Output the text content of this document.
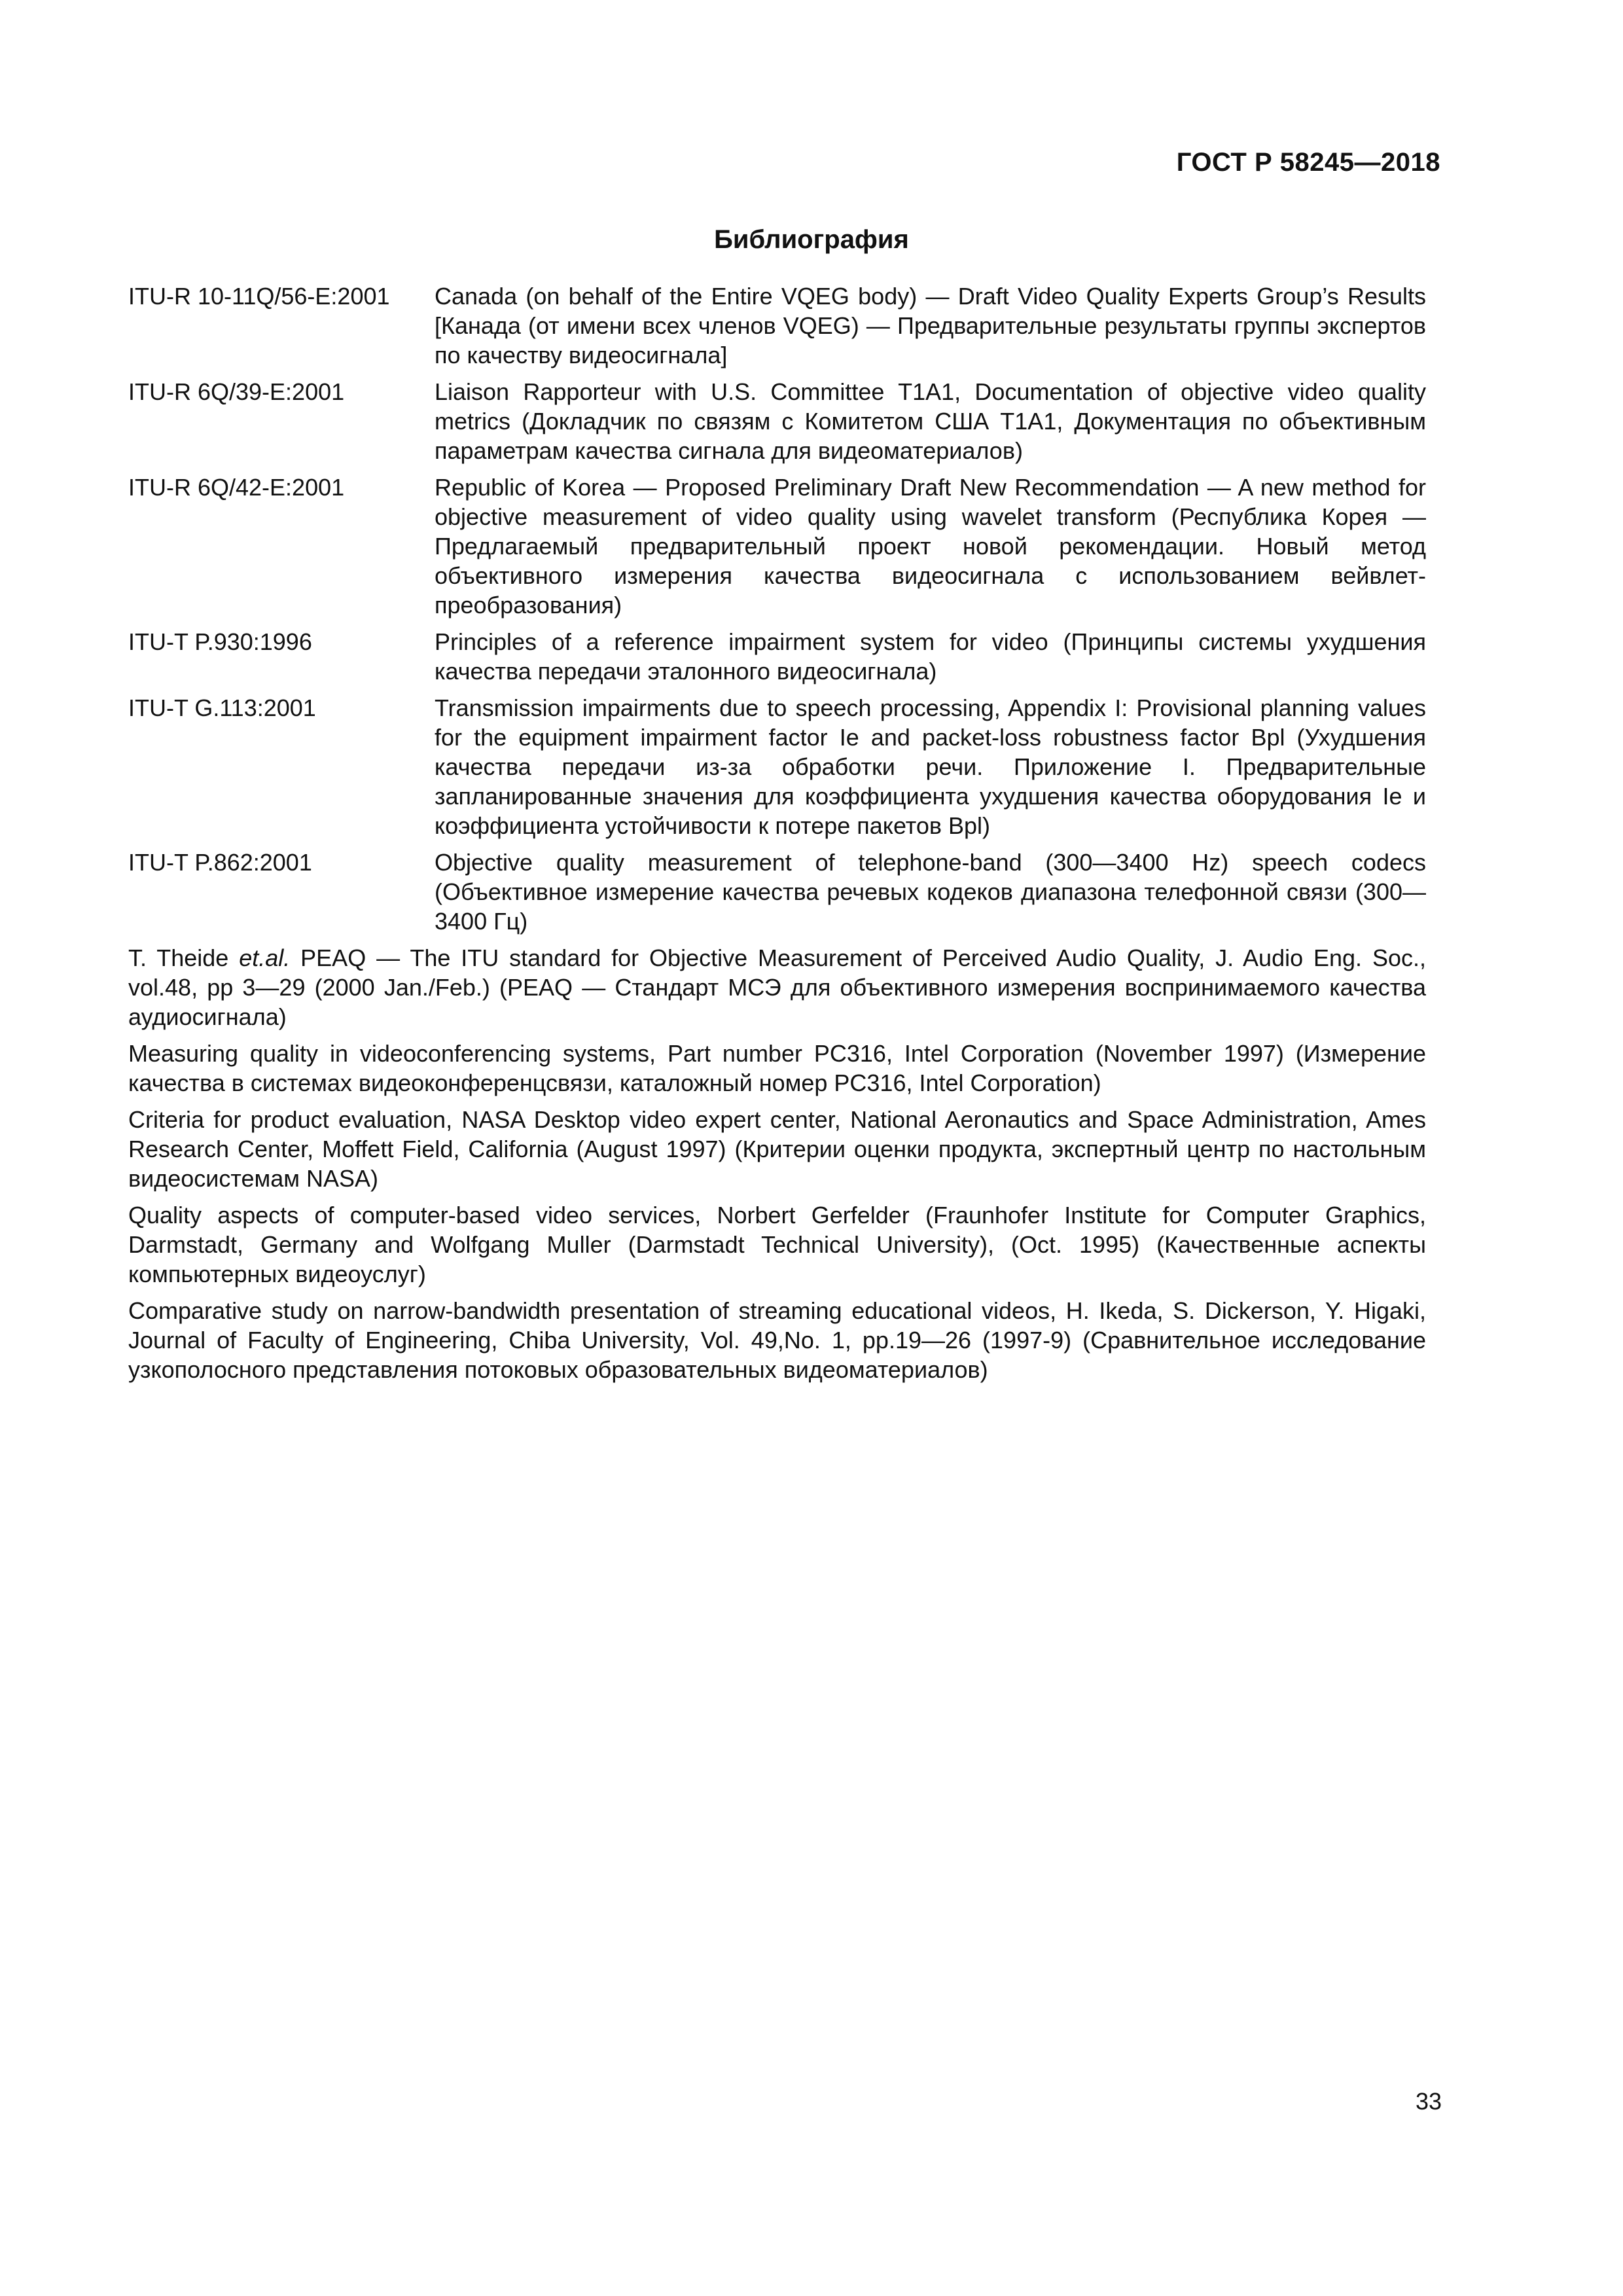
ГОСТ Р 58245—2018
Библиография
ITU-R 10-11Q/56-E:2001	Canada (on behalf of the Entire VQEG body) — Draft Video Quality Experts Group’s Results [Канада (от имени всех членов VQEG) — Предварительные результаты группы экспертов по качеству видеосигнала]
ITU-R 6Q/39-E:2001	Liaison Rapporteur with U.S. Committee T1A1, Documentation of objective video quality metrics (Докладчик по связям с Комитетом США T1A1, Документация по объективным параметрам качества сигнала для видеоматериалов)
ITU-R 6Q/42-E:2001	Republic of Korea — Proposed Preliminary Draft New Recommendation — A new method for objective measurement of video quality using wavelet transform (Республика Корея — Предлагаемый предварительный проект новой рекомендации. Новый метод объективного измерения качества видеосигнала с использованием вейвлет-преобразования)
ITU-T P.930:1996	Principles of a reference impairment system for video (Принципы системы ухудшения качества передачи эталонного видеосигнала)
ITU-T G.113:2001	Transmission impairments due to speech processing, Appendix I: Provisional planning values for the equipment impairment factor Ie and packet-loss robustness factor Bpl (Ухудшения качества передачи из-за обработки речи. Приложение I. Предварительные запланированные значения для коэффициента ухудшения качества оборудования Ie и коэффициента устойчивости к потере пакетов Bpl)
ITU-T P.862:2001	Objective quality measurement of telephone-band (300—3400 Hz) speech codecs (Объективное измерение качества речевых кодеков диапазона телефонной связи (300—3400 Гц)
T. Theide et.al. PEAQ — The ITU standard for Objective Measurement of Perceived Audio Quality, J. Audio Eng. Soc., vol.48, pp 3—29 (2000 Jan./Feb.) (PEAQ — Стандарт МСЭ для объективного измерения воспринимаемого качества аудиосигнала)
Measuring quality in videoconferencing systems, Part number PC316, Intel Corporation (November 1997) (Измерение качества в системах видеоконференцсвязи, каталожный номер PC316, Intel Corporation)
Criteria for product evaluation, NASA Desktop video expert center, National Aeronautics and Space Administration, Ames Research Center, Moffett Field, California (August 1997) (Критерии оценки продукта, экспертный центр по настольным видеосистемам NASA)
Quality aspects of computer-based video services, Norbert Gerfelder (Fraunhofer Institute for Computer Graphics, Darmstadt, Germany and Wolfgang Muller (Darmstadt Technical University), (Oct. 1995) (Качественные аспекты компьютерных видеоуслуг)
Comparative study on narrow-bandwidth presentation of streaming educational videos, H. Ikeda, S. Dickerson, Y. Higaki, Journal of Faculty of Engineering, Chiba University, Vol. 49,No. 1, pp.19—26 (1997-9) (Сравнительное исследование узкополосного представления потоковых образовательных видеоматериалов)
33
